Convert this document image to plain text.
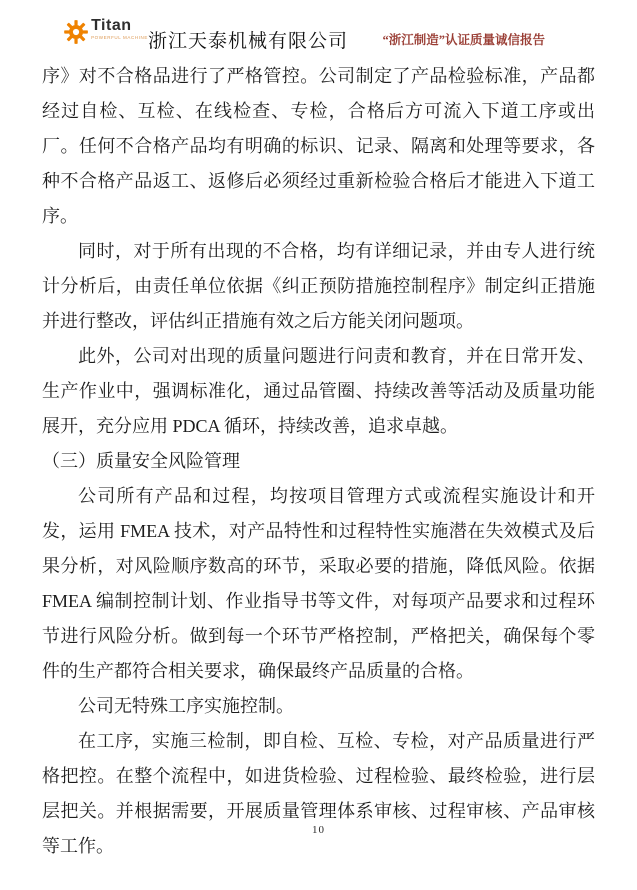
Titan
POWERFUL MACHINE 浙江天泰机械有限公司	“浙江制造”认证质量诚信报告

序》对不合格品进行了严格管控。公司制定了产品检验标准，产品都经过自检、互检、在线检查、专检，合格后方可流入下道工序或出厂。任何不合格产品均有明确的标识、记录、隔离和处理等要求，各种不合格产品返工、返修后必须经过重新检验合格后才能进入下道工序。

同时，对于所有出现的不合格，均有详细记录，并由专人进行统计分析后，由责任单位依据《纠正预防措施控制程序》制定纠正措施并进行整改，评估纠正措施有效之后方能关闭问题项。

此外，公司对出现的质量问题进行问责和教育，并在日常开发、生产作业中，强调标准化，通过品管圈、持续改善等活动及质量功能展开，充分应用 PDCA 循环，持续改善，追求卓越。

（三）质量安全风险管理

公司所有产品和过程，均按项目管理方式或流程实施设计和开发，运用 FMEA 技术，对产品特性和过程特性实施潜在失效模式及后果分析，对风险顺序数高的环节，采取必要的措施，降低风险。依据 FMEA 编制控制计划、作业指导书等文件，对每项产品要求和过程环节进行风险分析。做到每一个环节严格控制，严格把关，确保每个零件的生产都符合相关要求，确保最终产品质量的合格。

公司无特殊工序实施控制。

在工序，实施三检制，即自检、互检、专检，对产品质量进行严格把控。在整个流程中，如进货检验、过程检验、最终检验，进行层层把关。并根据需要，开展质量管理体系审核、过程审核、产品审核等工作。

10
